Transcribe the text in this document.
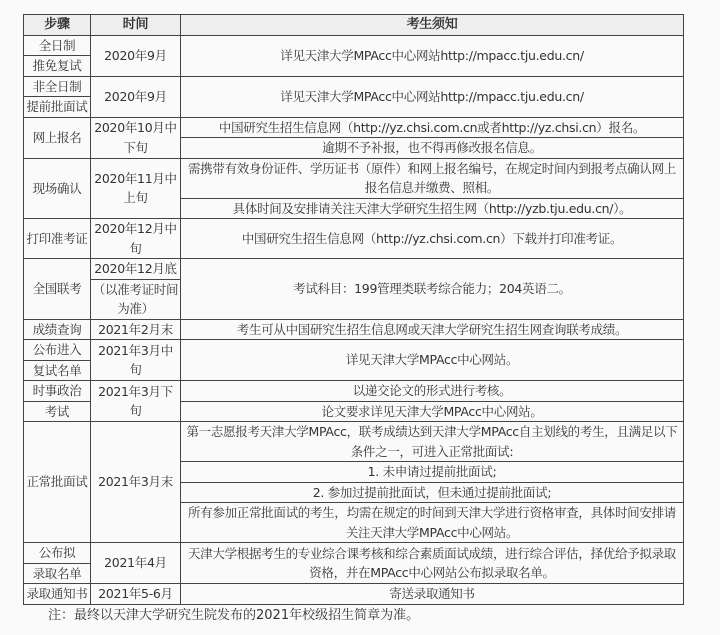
步骤	时间	考生须知
全日制	2020年9月	详见天津大学MPAcc中心网站http://mpacc.tju.edu.cn/
推免复试		
非全日制	2020年9月	详见天津大学MPAcc中心网站http://mpacc.tju.edu.cn/
提前批面试		
网上报名	2020年10月中下旬	中国研究生招生信息网（http://yz.chsi.com.cn或者http://yz.chsi.cn）报名。
		逾期不予补报，也不得再修改报名信息。
现场确认	2020年11月中上旬	需携带有效身份证件、学历证书（原件）和网上报名编号，在规定时间内到报考点确认网上报名信息并缴费、照相。

		具体时间及安排请关注天津大学研究生招生网（http://yzb.tju.edu.cn/）。
打印准考证	2020年12月中旬	中国研究生招生信息网（http://yz.chsi.com.cn）下载并打印准考证。

全国联考	2020年12月底	考试科目：199管理类联考综合能力；204英语二。
	（以准考证时间为准）	

成绩查询	2021年2月末	考生可从中国研究生招生信息网或天津大学研究生招生网查询联考成绩。
公布进入	2021年3月中旬	详见天津大学MPAcc中心网站。
复试名单		
时事政治	2021年3月下旬	以递交论文的形式进行考核。
考试		论文要求详见天津大学MPAcc中心网站。
正常批面试	2021年3月末	第一志愿报考天津大学MPAcc，联考成绩达到天津大学MPAcc自主划线的考生，且满足以下条件之一，可进入正常批面试:

		1. 未申请过提前批面试;
		2. 参加过提前批面试，但未通过提前批面试;
		所有参加正常批面试的考生，均需在规定的时间到天津大学进行资格审查，具体时间安排请关注天津大学MPAcc中心网站。

公布拟	2021年4月	天津大学根据考生的专业综合课考核和综合素质面试成绩，进行综合评估，择优给予拟录取资格，并在MPAcc中心网站公布拟录取名单。
录取名单		
录取通知书	2021年5-6月	寄送录取通知书
注：最终以天津大学研究生院发布的2021年校级招生简章为准。
